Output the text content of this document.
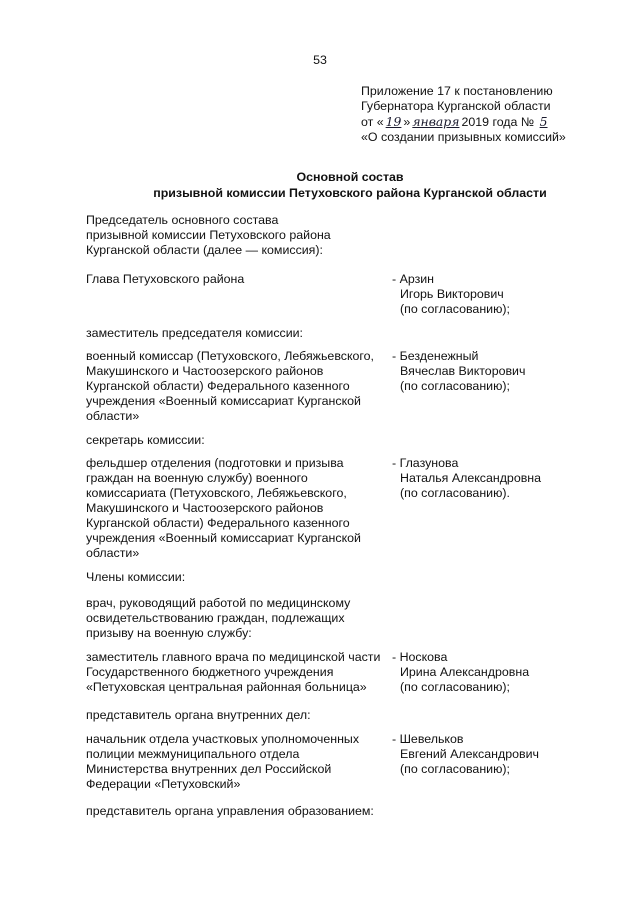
53
Приложение 17 к постановлению
Губернатора Курганской области
от « 19 » января 2019 года № 5
«О создании призывных комиссий»
Основной состав
призывной комиссии Петуховского района Курганской области
Председатель основного состава
призывной комиссии Петуховского района
Курганской области (далее — комиссия):
Глава Петуховского района	- Арзин
Игорь Викторович
(по согласованию);
заместитель председателя комиссии:
военный комиссар (Петуховского, Лебяжьевского,
Макушинского и Частоозерского районов
Курганской области) Федерального казенного
учреждения «Военный комиссариат Курганской
области»
- Безденежный
Вячеслав Викторович
(по согласованию);
секретарь комиссии:
фельдшер отделения (подготовки и призыва
граждан на военную службу) военного
комиссариата (Петуховского, Лебяжьевского,
Макушинского и Частоозерского районов
Курганской области) Федерального казенного
учреждения «Военный комиссариат Курганской
области»
- Глазунова
Наталья Александровна
(по согласованию).
Члены комиссии:
врач, руководящий работой по медицинскому
освидетельствованию граждан, подлежащих
призыву на военную службу:
заместитель главного врача по медицинской части
Государственного бюджетного учреждения
«Петуховская центральная районная больница»
- Носкова
Ирина Александровна
(по согласованию);
представитель органа внутренних дел:
начальник отдела участковых уполномоченных
полиции межмуниципального отдела
Министерства внутренних дел Российской
Федерации «Петуховский»
- Шевельков
Евгений Александрович
(по согласованию);
представитель органа управления образованием:
